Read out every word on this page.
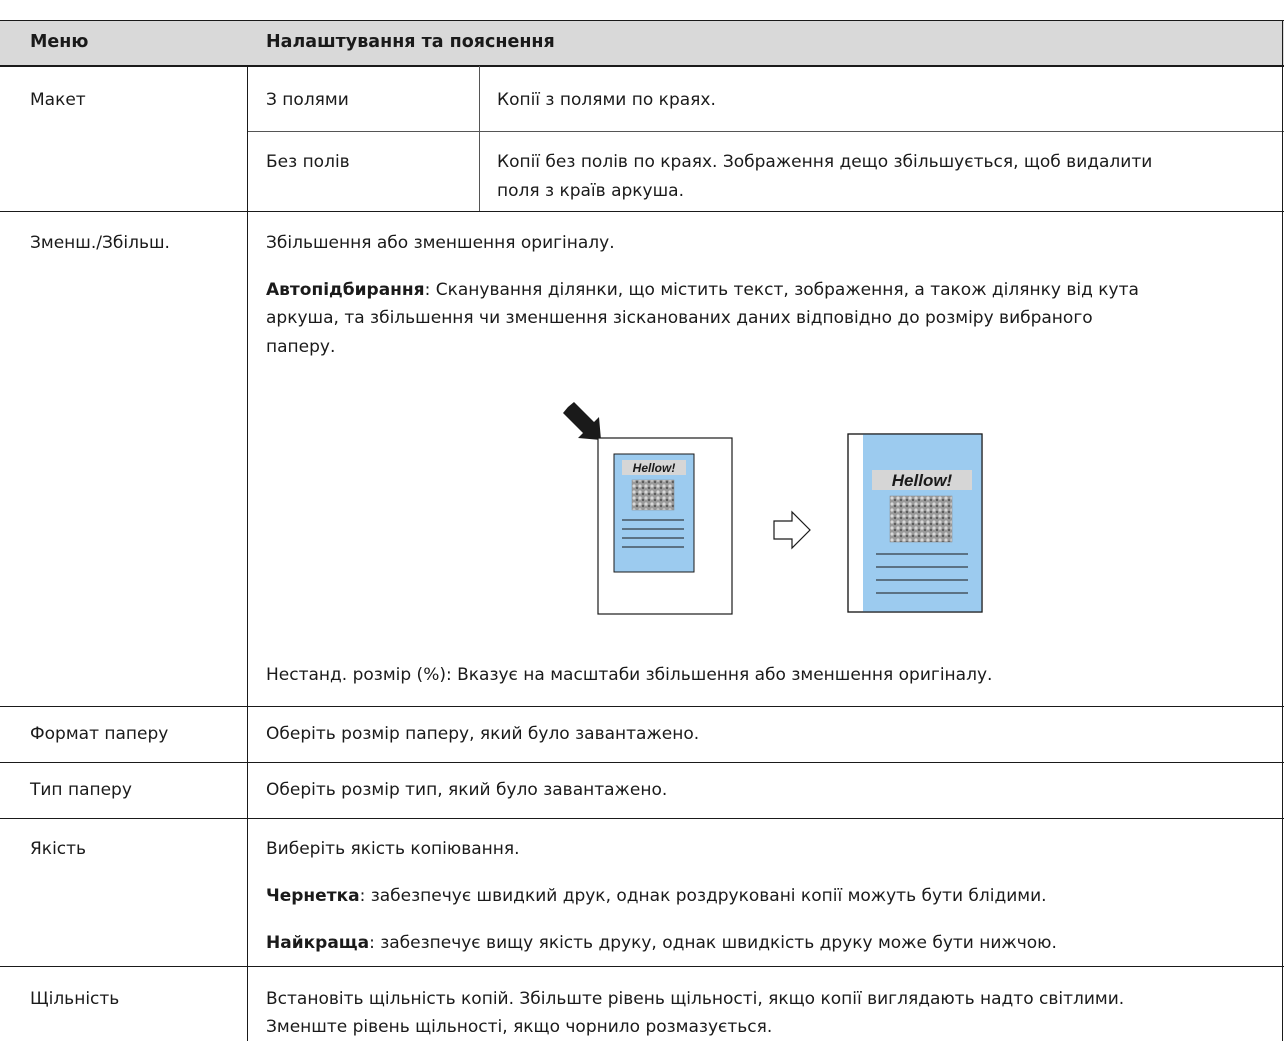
Меню	Налаштування та пояснення
Макет	З полями	Копії з полями по краях.
Без полів	Копії без полів по краях. Зображення дещо збільшується, щоб видалити
поля з країв аркуша.
Зменш./Збільш.	Збільшення або зменшення оригіналу.
Автопідбирання: Сканування ділянки, що містить текст, зображення, а також ділянку від кута
аркуша, та збільшення чи зменшення зісканованих даних відповідно до розміру вибраного
паперу.
Hellow!
Hellow!
Нестанд. розмір (%): Вказує на масштаби збільшення або зменшення оригіналу.
Формат паперу	Оберіть розмір паперу, який було завантажено.
Тип паперу	Оберіть розмір тип, який було завантажено.
Якість	Виберіть якість копіювання.
Чернетка: забезпечує швидкий друк, однак роздруковані копії можуть бути блідими.
Найкраща: забезпечує вищу якість друку, однак швидкість друку може бути нижчою.
Щільність	Встановіть щільність копій. Збільште рівень щільності, якщо копії виглядають надто світлими.
Зменште рівень щільності, якщо чорнило розмазується.
